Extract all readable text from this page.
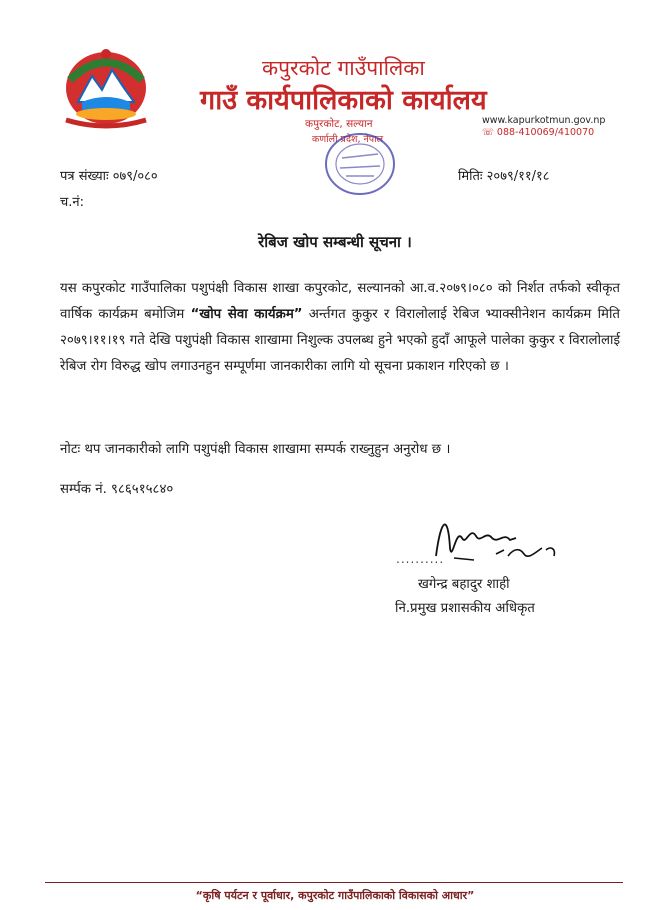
कपुरकोट गाउँपालिका
गाउँ कार्यपालिकाको कार्यालय
कपुरकोट, सल्यान
कर्णाली प्रदेश, नेपाल
www.kapurkotmun.gov.np
☏ 088-410069/410070
पत्र संख्याः ०७९/०८०
च.नं:
मितिः २०७९/११/१८
रेबिज खोप सम्बन्धी सूचना ।
यस कपुरकोट गाउँपालिका पशुपंक्षी विकास शाखा कपुरकोट, सल्यानको आ.व.२०७९।०८० को निर्शत तर्फको स्वीकृत वार्षिक कार्यक्रम बमोजिम “खोप सेवा कार्यक्रम” अर्न्तगत कुकुर र विरालोलाई रेबिज भ्याक्सीनेशन कार्यक्रम मिति २०७९।११।१९ गते देखि पशुपंक्षी विकास शाखामा निशुल्क उपलब्ध हुने भएको हुदाँ आफूले पालेका कुकुर र विरालोलाई रेबिज रोग विरुद्ध खोप लगाउनहुन सम्पूर्णमा जानकारीका लागि यो सूचना प्रकाशन गरिएको छ ।
नोटः थप जानकारीको लागि पशुपंक्षी विकास शाखामा सम्पर्क राख्नुहुन अनुरोध छ ।
सर्म्पक नं. ९८६५१५८४०
..........
खगेन्द्र बहादुर शाही
नि.प्रमुख प्रशासकीय अधिकृत
“कृषि पर्यटन र पूर्वाधार, कपुरकोट गाउँपालिकाको विकासको आधार”
